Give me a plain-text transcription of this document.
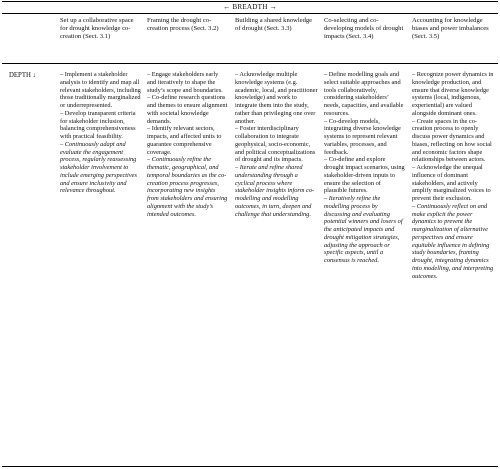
← BREADTH →
Set up a collaborative space for drought knowledge co-creation (Sect. 3.1)
Framing the drought co-creation process (Sect. 3.2)
Building a shared knowledge of drought (Sect. 3.3)
Co-selecting and co-developing models of drought impacts (Sect. 3.4)
Accounting for knowledge biases and power imbalances (Sect. 3.5)
DEPTH ↓	– Implement a stakeholder analysis to identify and map all relevant stakeholders, including those traditionally marginalized or underrepresented.

– Develop transparent criteria for stakeholder inclusion, balancing comprehensiveness with practical feasibility.

– Continuously adapt and evaluate the engagement process, regularly reassessing stakeholder involvement to include emerging perspectives and ensure inclusivity and relevance throughout.

– Engage stakeholders early and iteratively to shape the study’s scope and boundaries.

– Co-define research questions and themes to ensure alignment with societal knowledge demands.

– Identify relevant sectors, impacts, and affected units to guarantee comprehensive coverage.

– Continuously refine the thematic, geographical, and temporal boundaries as the co-creation process progresses, incorporating new insights from stakeholders and ensuring alignment with the study’s intended outcomes.

– Acknowledge multiple knowledge systems (e.g. academic, local, and practitioner knowledge) and work to integrate them into the study, rather than privileging one over another.

– Foster interdisciplinary collaboration to integrate geophysical, socio-economic, and political conceptualizations of drought and its impacts.

– Iterate and refine shared understanding through a cyclical process where stakeholder insights inform co-modelling and modelling outcomes, in turn, deepen and challenge that understanding.

– Define modelling goals and select suitable approaches and tools collaboratively, considering stakeholders’ needs, capacities, and available resources.

– Co-develop models, integrating diverse knowledge systems to represent relevant variables, processes, and feedback.

– Co-define and explore drought impact scenarios, using stakeholder-driven inputs to ensure the selection of plausible futures.

– Iteratively refine the modelling process by discussing and evaluating potential winners and losers of the anticipated impacts and drought mitigation strategies, adjusting the approach or specific aspects, until a consensus is reached.

– Recognize power dynamics in knowledge production, and ensure that diverse knowledge systems (local, indigenous, experiential) are valued alongside dominant ones.

– Create spaces in the co-creation process to openly discuss power dynamics and biases, reflecting on how social and economic factors shape relationships between actors.

– Acknowledge the unequal influence of dominant stakeholders, and actively amplify marginalized voices to prevent their exclusion.

– Continuously reflect on and make explicit the power dynamics to prevent the marginalization of alternative perspectives and ensure equitable influence in defining study boundaries, framing drought, integrating dynamics into modelling, and interpreting outcomes.
